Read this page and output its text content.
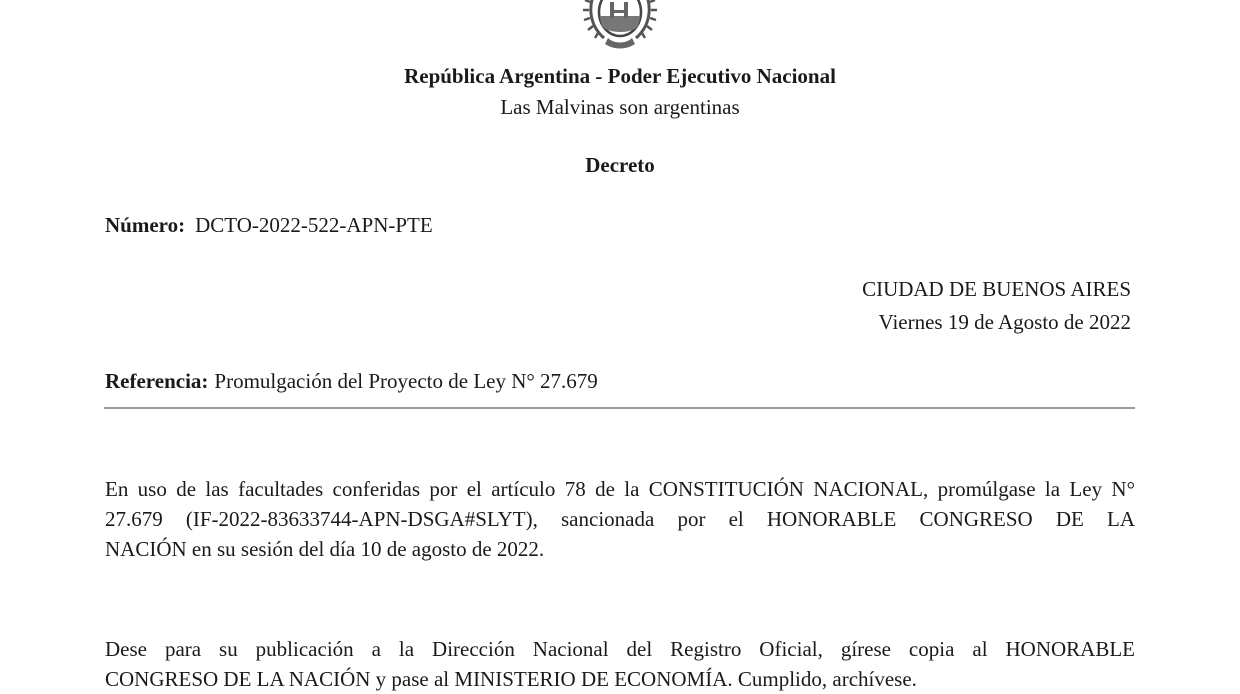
República Argentina - Poder Ejecutivo Nacional
Las Malvinas son argentinas
Decreto
Número: DCTO-2022-522-APN-PTE
CIUDAD DE BUENOS AIRES
Viernes 19 de Agosto de 2022
Referencia: Promulgación del Proyecto de Ley N° 27.679
En uso de las facultades conferidas por el artículo 78 de la CONSTITUCIÓN NACIONAL, promúlgase la Ley N°
27.679 (IF-2022-83633744-APN-DSGA#SLYT), sancionada por el HONORABLE CONGRESO DE LA
NACIÓN en su sesión del día 10 de agosto de 2022.
Dese para su publicación a la Dirección Nacional del Registro Oficial, gírese copia al HONORABLE
CONGRESO DE LA NACIÓN y pase al MINISTERIO DE ECONOMÍA. Cumplido, archívese.
